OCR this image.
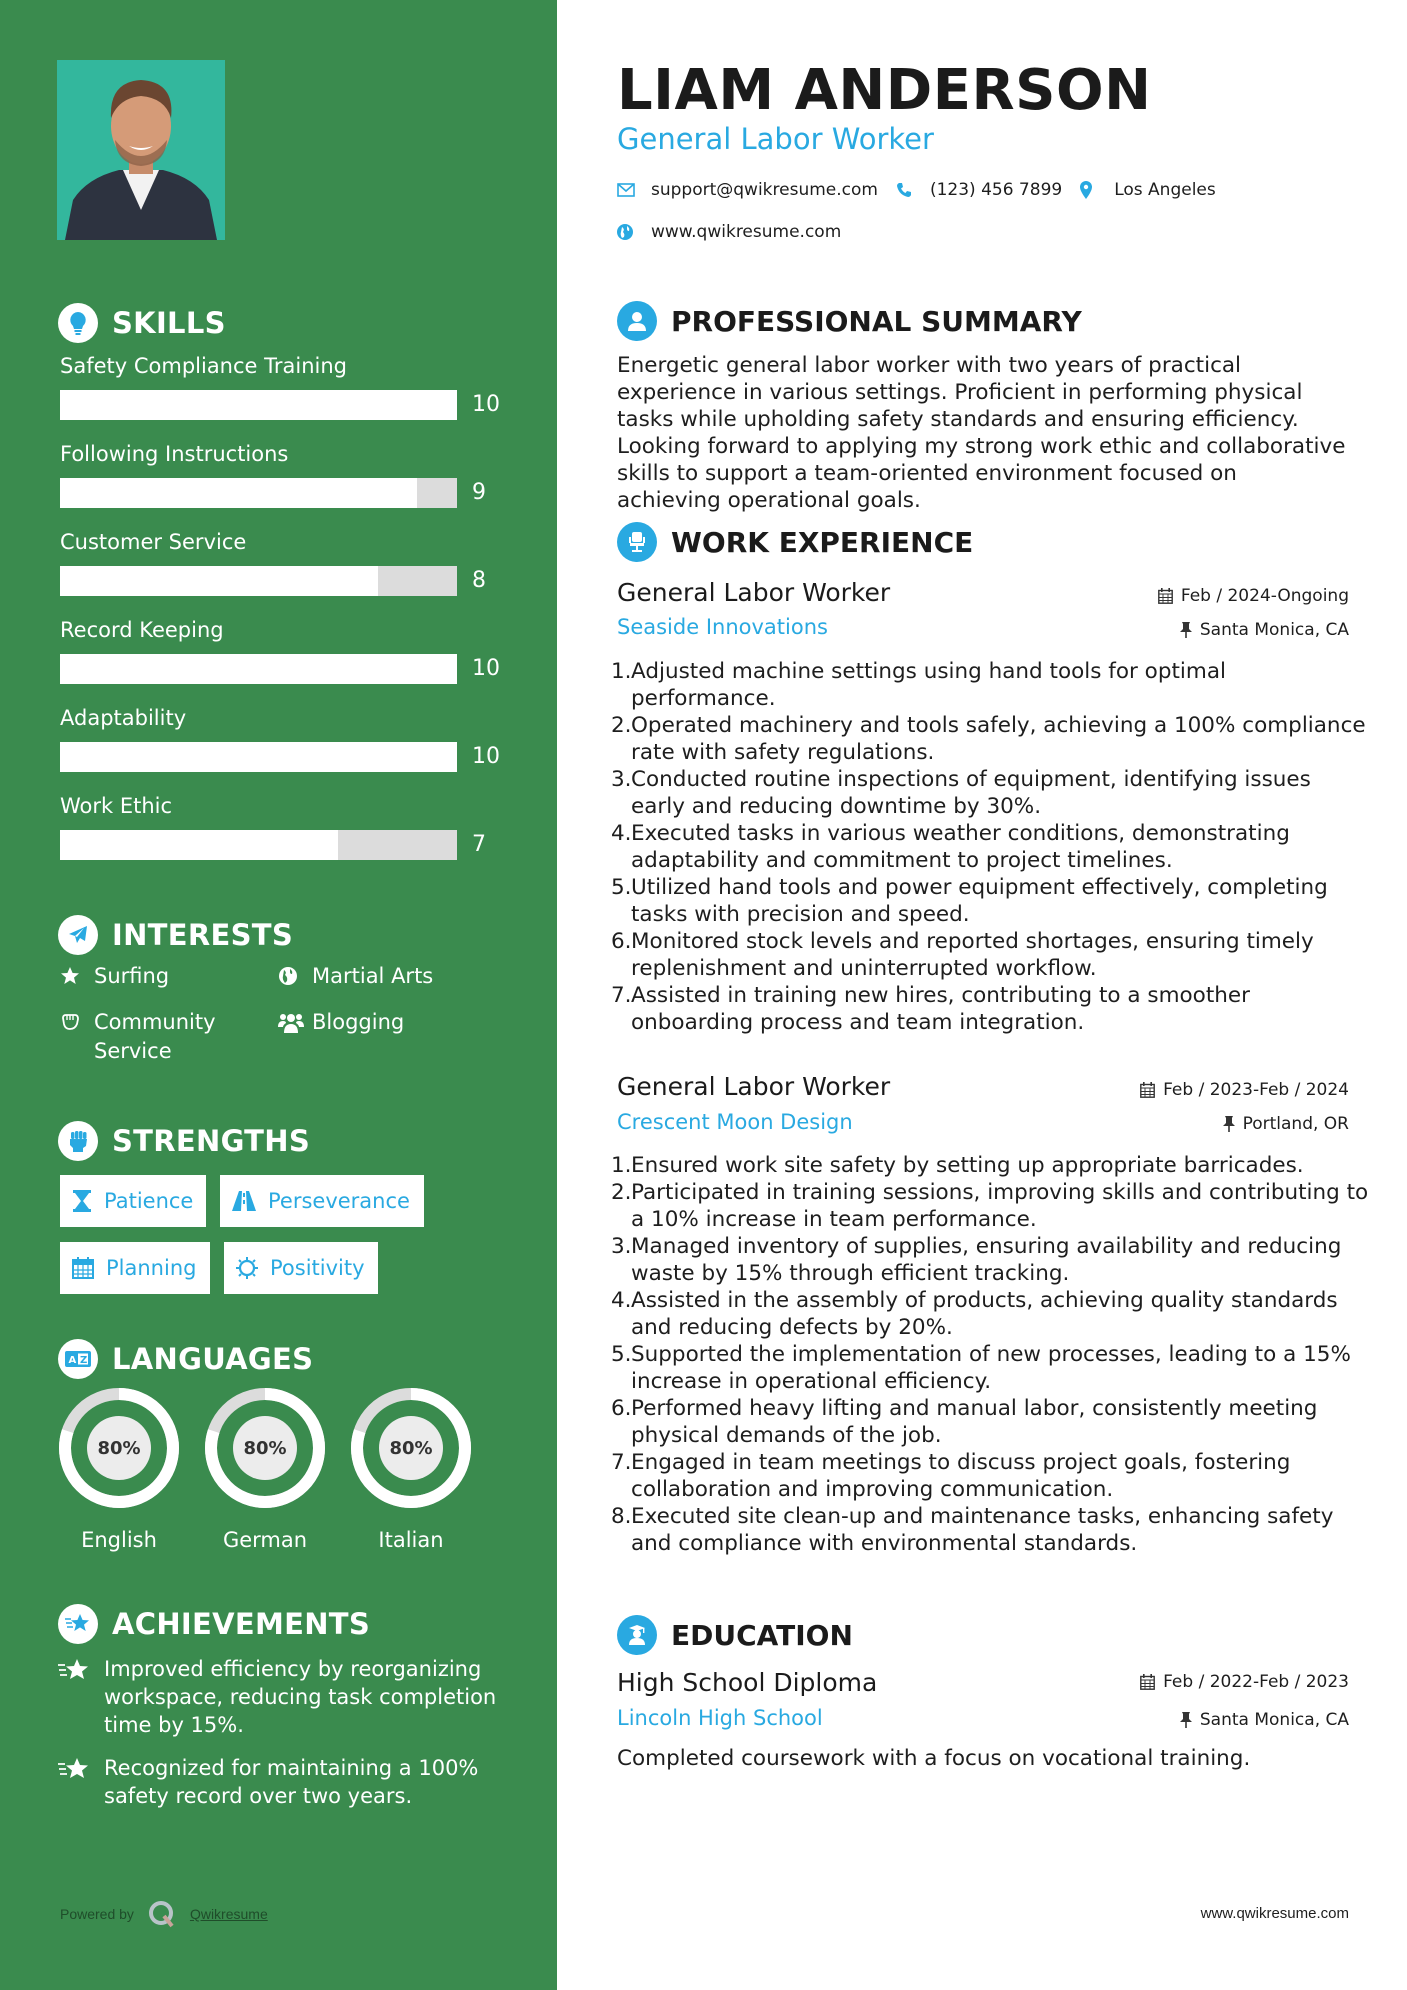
SKILLS
Safety Compliance Training
10
Following Instructions
9
Customer Service
8
Record Keeping
10
Adaptability
10
Work Ethic
7
INTERESTS
Surfing	Martial Arts
Community Service
Blogging
STRENGTHS
Patience	Perseverance
Planning	Positivity
A Z LANGUAGES
80%
English
80%
German
80%
Italian
ACHIEVEMENTS
Improved efficiency by reorganizing workspace, reducing task completion time by 15%.
Recognized for maintaining a 100% safety record over two years.
Powered by	Qwikresume
LIAM ANDERSON
General Labor Worker
support@qwikresume.com	(123) 456 7899	Los Angeles
www.qwikresume.com
PROFESSIONAL SUMMARY

Energetic general labor worker with two years of practical experience in various settings. Proficient in performing physical tasks while upholding safety standards and ensuring efficiency. Looking forward to applying my strong work ethic and collaborative skills to support a team-oriented environment focused on achieving operational goals.

WORK EXPERIENCE
General Labor Worker	Feb / 2024-Ongoing
Seaside Innovations	Santa Monica, CA
1. Adjusted machine settings using hand tools for optimal performance.
2. Operated machinery and tools safely, achieving a 100% compliance rate with safety regulations.
3. Conducted routine inspections of equipment, identifying issues early and reducing downtime by 30%.
4. Executed tasks in various weather conditions, demonstrating adaptability and commitment to project timelines.
5. Utilized hand tools and power equipment effectively, completing tasks with precision and speed.
6. Monitored stock levels and reported shortages, ensuring timely replenishment and uninterrupted workflow.
7. Assisted in training new hires, contributing to a smoother onboarding process and team integration.
General Labor Worker	Feb / 2023-Feb / 2024
Crescent Moon Design	Portland, OR
1. Ensured work site safety by setting up appropriate barricades.
2. Participated in training sessions, improving skills and contributing to a 10% increase in team performance.
3. Managed inventory of supplies, ensuring availability and reducing waste by 15% through efficient tracking.
4. Assisted in the assembly of products, achieving quality standards and reducing defects by 20%.
5. Supported the implementation of new processes, leading to a 15% increase in operational efficiency.
6. Performed heavy lifting and manual labor, consistently meeting physical demands of the job.
7. Engaged in team meetings to discuss project goals, fostering collaboration and improving communication.
8. Executed site clean-up and maintenance tasks, enhancing safety and compliance with environmental standards.
EDUCATION
High School Diploma	Feb / 2022-Feb / 2023
Lincoln High School	Santa Monica, CA

Completed coursework with a focus on vocational training.

www.qwikresume.com
